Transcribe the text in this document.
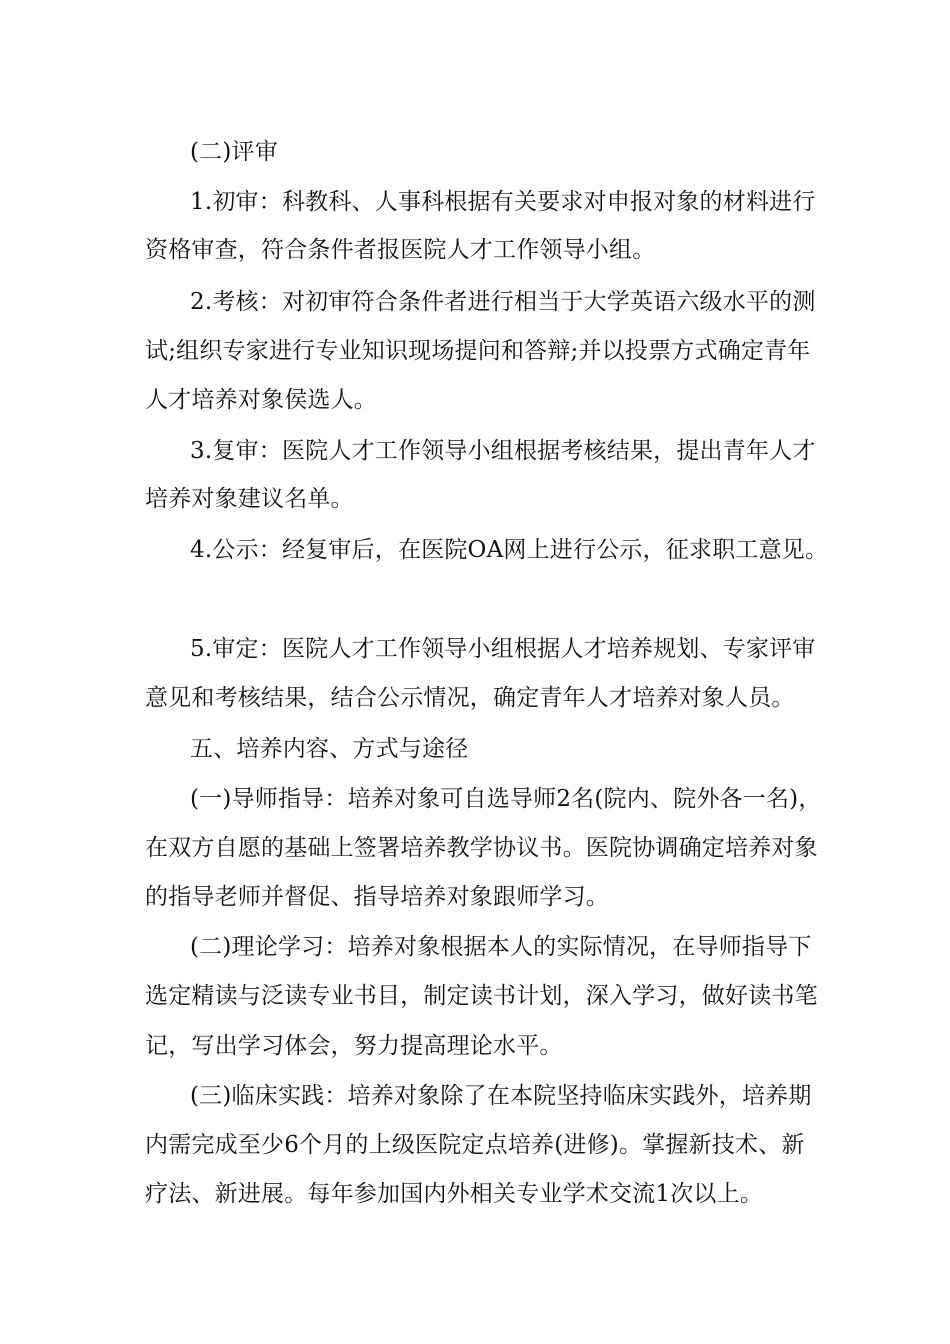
(二)评审
1.初审：科教科、人事科根据有关要求对申报对象的材料进行
资格审查，符合条件者报医院人才工作领导小组。
2.考核：对初审符合条件者进行相当于大学英语六级水平的测
试;组织专家进行专业知识现场提问和答辩;并以投票方式确定青年
人才培养对象侯选人。
3.复审：医院人才工作领导小组根据考核结果，提出青年人才
培养对象建议名单。
4.公示：经复审后，在医院OA网上进行公示，征求职工意见。
5.审定：医院人才工作领导小组根据人才培养规划、专家评审
意见和考核结果，结合公示情况，确定青年人才培养对象人员。
五、培养内容、方式与途径
(一)导师指导：培养对象可自选导师2名(院内、院外各一名)，
在双方自愿的基础上签署培养教学协议书。医院协调确定培养对象
的指导老师并督促、指导培养对象跟师学习。
(二)理论学习：培养对象根据本人的实际情况，在导师指导下
选定精读与泛读专业书目，制定读书计划，深入学习，做好读书笔
记，写出学习体会，努力提高理论水平。
(三)临床实践：培养对象除了在本院坚持临床实践外，培养期
内需完成至少6个月的上级医院定点培养(进修)。掌握新技术、新
疗法、新进展。每年参加国内外相关专业学术交流1次以上。
